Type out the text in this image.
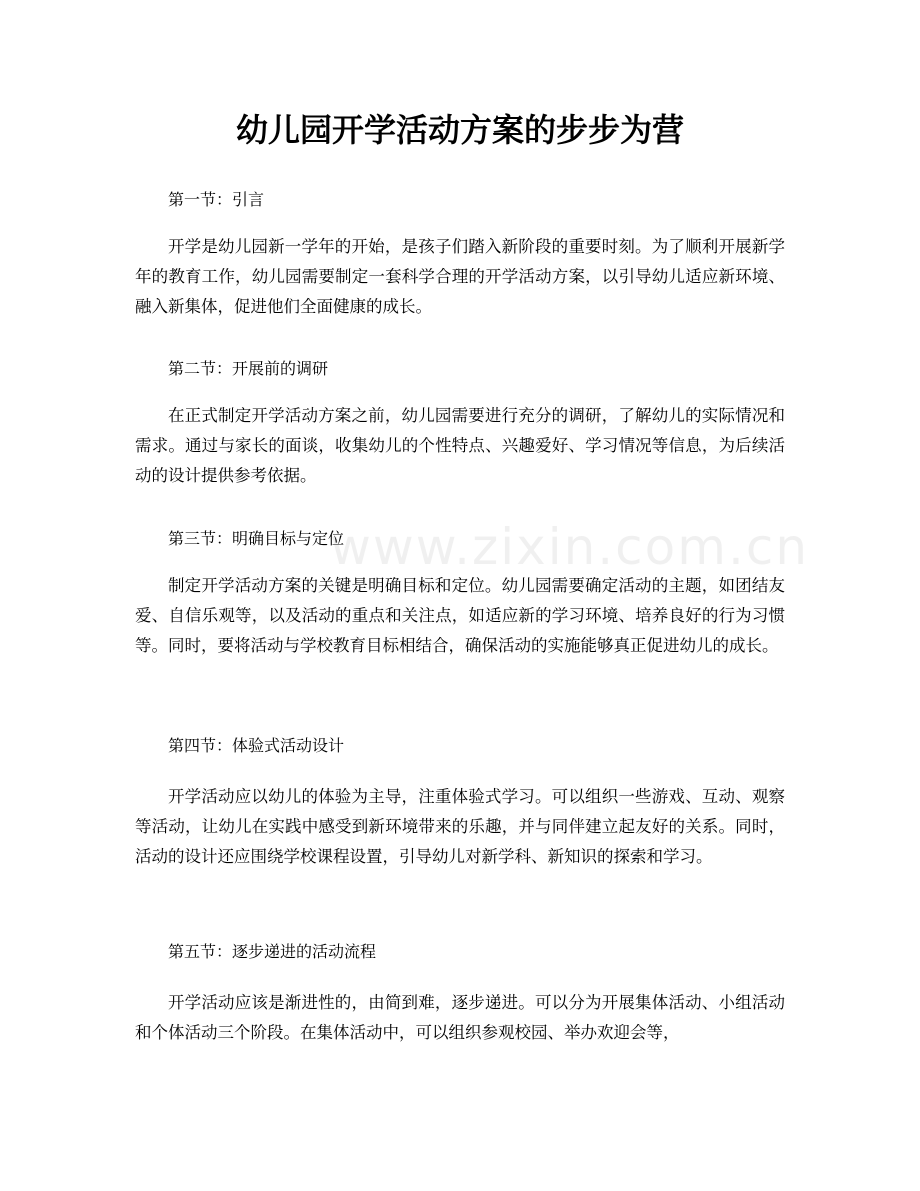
幼儿园开学活动方案的步步为营
www.zixin.com.cn

第一节：引言

开学是幼儿园新一学年的开始，是孩子们踏入新阶段的重要时刻。为了顺利开展新学年的教育工作，幼儿园需要制定一套科学合理的开学活动方案，以引导幼儿适应新环境、融入新集体，促进他们全面健康的成长。

第二节：开展前的调研

在正式制定开学活动方案之前，幼儿园需要进行充分的调研，了解幼儿的实际情况和需求。通过与家长的面谈，收集幼儿的个性特点、兴趣爱好、学习情况等信息，为后续活动的设计提供参考依据。

第三节：明确目标与定位

制定开学活动方案的关键是明确目标和定位。幼儿园需要确定活动的主题，如团结友爱、自信乐观等，以及活动的重点和关注点，如适应新的学习环境、培养良好的行为习惯等。同时，要将活动与学校教育目标相结合，确保活动的实施能够真正促进幼儿的成长。

第四节：体验式活动设计

开学活动应以幼儿的体验为主导，注重体验式学习。可以组织一些游戏、互动、观察等活动，让幼儿在实践中感受到新环境带来的乐趣，并与同伴建立起友好的关系。同时，活动的设计还应围绕学校课程设置，引导幼儿对新学科、新知识的探索和学习。

第五节：逐步递进的活动流程

开学活动应该是渐进性的，由简到难，逐步递进。可以分为开展集体活动、小组活动和个体活动三个阶段。在集体活动中，可以组织参观校园、举办欢迎会等，
